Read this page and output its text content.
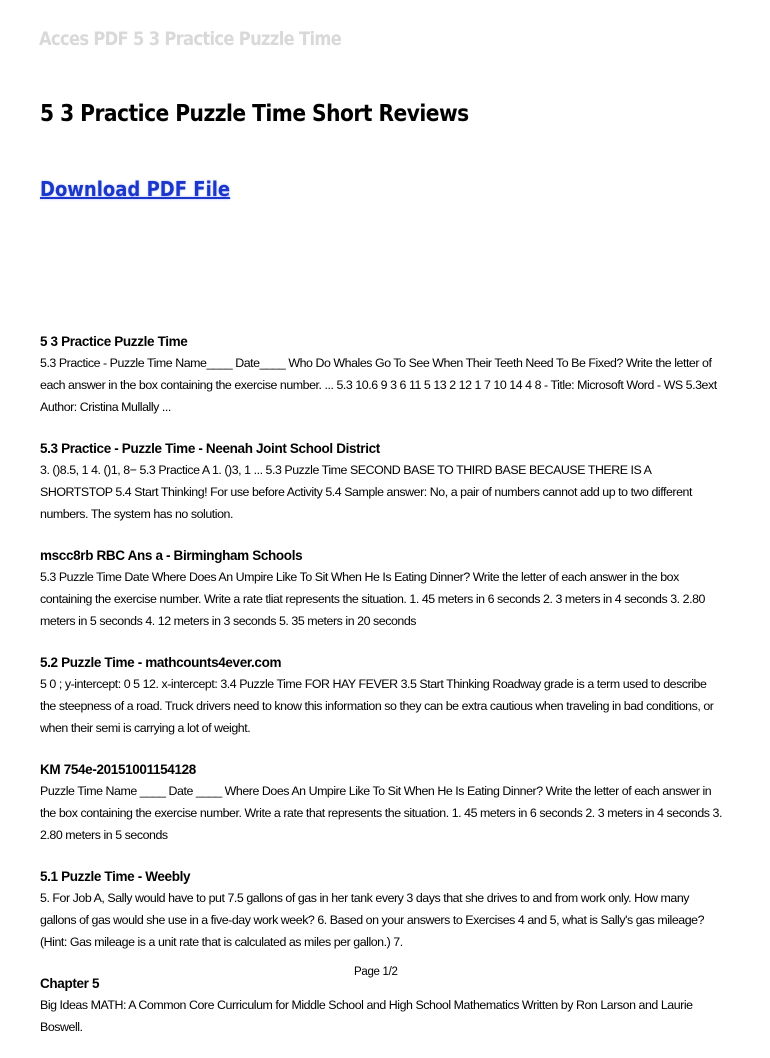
Acces PDF 5 3 Practice Puzzle Time
5 3 Practice Puzzle Time Short Reviews
Download PDF File

5 3 Practice Puzzle Time

5.3 Practice - Puzzle Time Name____ Date____ Who Do Whales Go To See When Their Teeth Need To Be Fixed? Write the letter of each answer in the box containing the exercise number. ... 5.3 10.6 9 3 6 11 5 13 2 12 1 7 10 14 4 8 - Title: Microsoft Word - WS 5.3ext Author: Cristina Mullally ...

5.3 Practice - Puzzle Time - Neenah Joint School District

3. ()8.5, 1 4. ()1, 8− 5.3 Practice A 1. ()3, 1 ... 5.3 Puzzle Time SECOND BASE TO THIRD BASE BECAUSE THERE IS A SHORTSTOP 5.4 Start Thinking! For use before Activity 5.4 Sample answer: No, a pair of numbers cannot add up to two different numbers. The system has no solution.

mscc8rb RBC Ans a - Birmingham Schools

5.3 Puzzle Time Date Where Does An Umpire Like To Sit When He Is Eating Dinner? Write the letter of each answer in the box containing the exercise number. Write a rate tliat represents the situation. 1. 45 meters in 6 seconds 2. 3 meters in 4 seconds 3. 2.80 meters in 5 seconds 4. 12 meters in 3 seconds 5. 35 meters in 20 seconds

5.2 Puzzle Time - mathcounts4ever.com

5 0 ; y-intercept: 0 5 12. x-intercept: 3.4 Puzzle Time FOR HAY FEVER 3.5 Start Thinking Roadway grade is a term used to describe the steepness of a road. Truck drivers need to know this information so they can be extra cautious when traveling in bad conditions, or when their semi is carrying a lot of weight.

KM 754e-20151001154128

Puzzle Time Name ____ Date ____ Where Does An Umpire Like To Sit When He Is Eating Dinner? Write the letter of each answer in the box containing the exercise number. Write a rate that represents the situation. 1. 45 meters in 6 seconds 2. 3 meters in 4 seconds 3. 2.80 meters in 5 seconds

5.1 Puzzle Time - Weebly

5. For Job A, Sally would have to put 7.5 gallons of gas in her tank every 3 days that she drives to and from work only. How many gallons of gas would she use in a five-day work week? 6. Based on your answers to Exercises 4 and 5, what is Sally's gas mileage? (Hint: Gas mileage is a unit rate that is calculated as miles per gallon.) 7.

Chapter 5

Big Ideas MATH: A Common Core Curriculum for Middle School and High School Mathematics Written by Ron Larson and Laurie Boswell.

Page 1/2
